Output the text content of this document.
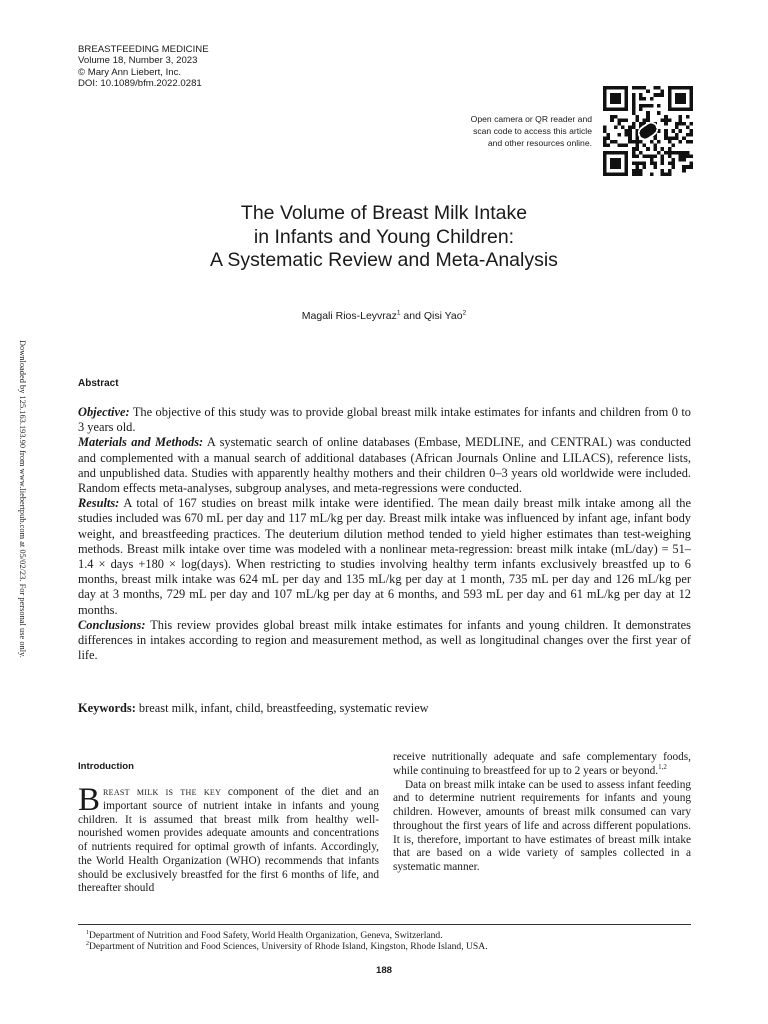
BREASTFEEDING MEDICINE
Volume 18, Number 3, 2023
© Mary Ann Liebert, Inc.
DOI: 10.1089/bfm.2022.0281
Open camera or QR reader and
scan code to access this article
and other resources online.
Downloaded by 125.163.193.90 from www.liebertpub.com at 05/02/23. For personal use only.
The Volume of Breast Milk Intake
in Infants and Young Children:
A Systematic Review and Meta-Analysis
Magali Rios-Leyvraz$^1$ and Qisi Yao$^2$
Abstract

Objective: The objective of this study was to provide global breast milk intake estimates for infants and children from 0 to 3 years old.

Materials and Methods: A systematic search of online databases (Embase, MEDLINE, and CENTRAL) was conducted and complemented with a manual search of additional databases (African Journals Online and LILACS), reference lists, and unpublished data. Studies with apparently healthy mothers and their children 0–3 years old worldwide were included. Random effects meta-analyses, subgroup analyses, and meta-regressions were conducted.

Results: A total of 167 studies on breast milk intake were identified. The mean daily breast milk intake among all the studies included was 670 mL per day and 117 mL/kg per day. Breast milk intake was influenced by infant age, infant body weight, and breastfeeding practices. The deuterium dilution method tended to yield higher estimates than test-weighing methods. Breast milk intake over time was modeled with a nonlinear meta-regression: breast milk intake (mL/day) = 51–1.4 × days +180 × log(days). When restricting to studies involving healthy term infants exclusively breastfed up to 6 months, breast milk intake was 624 mL per day and 135 mL/kg per day at 1 month, 735 mL per day and 126 mL/kg per day at 3 months, 729 mL per day and 107 mL/kg per day at 6 months, and 593 mL per day and 61 mL/kg per day at 12 months.

Conclusions: This review provides global breast milk intake estimates for infants and young children. It demonstrates differences in intakes according to region and measurement method, as well as longitudinal changes over the first year of life.

Keywords: breast milk, infant, child, breastfeeding, systematic review
Introduction

Breast milk is the key component of the diet and an important source of nutrient intake in infants and young children. It is assumed that breast milk from healthy well-nourished women provides adequate amounts and concentrations of nutrients required for optimal growth of infants. Accordingly, the World Health Organization (WHO) recommends that infants should be exclusively breastfed for the first 6 months of life, and thereafter should

receive nutritionally adequate and safe complementary foods, while continuing to breastfeed for up to 2 years or beyond.$^{1,2}$

Data on breast milk intake can be used to assess infant feeding and to determine nutrient requirements for infants and young children. However, amounts of breast milk consumed can vary throughout the first years of life and across different populations. It is, therefore, important to have estimates of breast milk intake that are based on a wide variety of samples collected in a systematic manner.

$^1$Department of Nutrition and Food Safety, World Health Organization, Geneva, Switzerland.
$^2$Department of Nutrition and Food Sciences, University of Rhode Island, Kingston, Rhode Island, USA.
188
